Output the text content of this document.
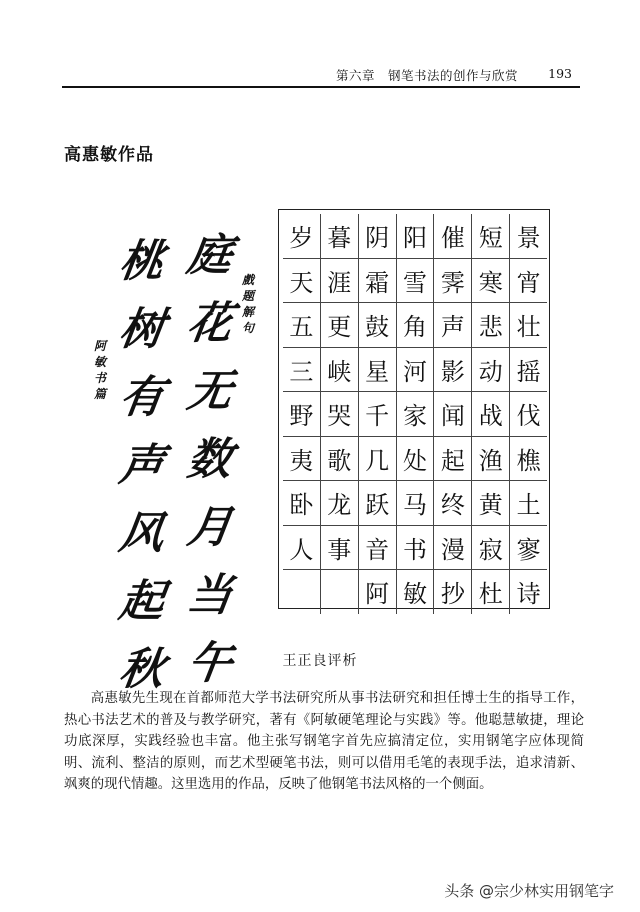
第六章　钢笔书法的创作与欣赏 193
高惠敏作品
庭
花
无
数
月
当
午
桃
树
有
声
风
起
秋
戲
题
解
句
阿
敏
书
篇
岁 暮 阴 阳 催 短 景
天 涯 霜 雪 霁 寒 宵
五 更 鼓 角 声 悲 壮
三 峡 星 河 影 动 摇
野 哭 千 家 闻 战 伐
夷 歌 几 处 起 渔 樵
卧 龙 跃 马 终 黄 土
人 事 音 书 漫 寂 寥
阿 敏 抄 杜 诗
王正良评析
高惠敏先生现在首都师范大学书法研究所从事书法研究和担任博士生的指导工作，热心书法艺术的普及与教学研究，著有《阿敏硬笔理论与实践》等。他聪慧敏捷，理论功底深厚，实践经验也丰富。他主张写钢笔字首先应搞清定位，实用钢笔字应体现简明、流利、整洁的原则，而艺术型硬笔书法，则可以借用毛笔的表现手法，追求清新、飒爽的现代情趣。这里选用的作品，反映了他钢笔书法风格的一个侧面。
头条 @宗少林实用钢笔字
